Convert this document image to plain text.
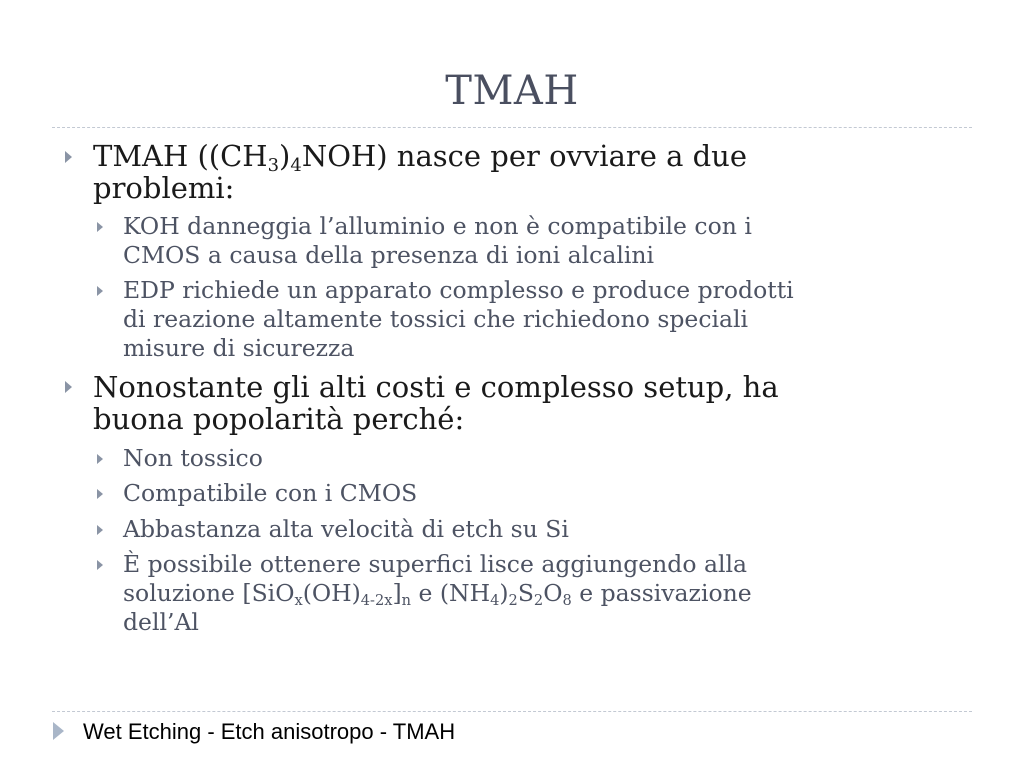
TMAH
TMAH $((CH_3)_4NOH)$ nasce per ovviare a due
problemi:
KOH danneggia l’alluminio e non è compatibile con i
CMOS a causa della presenza di ioni alcalini
EDP richiede un apparato complesso e produce prodotti
di reazione altamente tossici che richiedono speciali
misure di sicurezza
Nonostante gli alti costi e complesso setup, ha
buona popolarità perché:
Non tossico
Compatibile con i CMOS
Abbastanza alta velocità di etch su Si
È possibile ottenere superfici lisce aggiungendo alla
soluzione $[SiO_x(OH)_{4-2x}]_n$ e $(NH_4)_2S_2O_8$ e passivazione
dell’Al
Wet Etching - Etch anisotropo - TMAH
